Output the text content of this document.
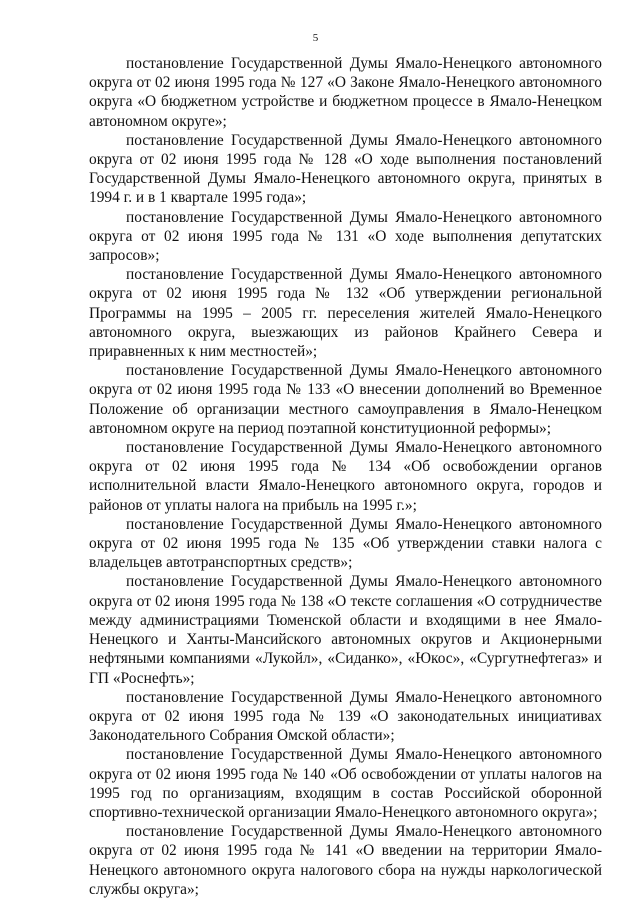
5

постановление Государственной Думы Ямало-Ненецкого автономного округа от 02 июня 1995 года № 127 «О Законе Ямало-Ненецкого автономного округа «О бюджетном устройстве и бюджетном процессе в Ямало-Ненецком автономном округе»;

постановление Государственной Думы Ямало-Ненецкого автономного округа от 02 июня 1995 года № 128 «О ходе выполнения постановлений Государственной Думы Ямало-Ненецкого автономного округа, принятых в 1994 г. и в 1 квартале 1995 года»;

постановление Государственной Думы Ямало-Ненецкого автономного округа от 02 июня 1995 года № 131 «О ходе выполнения депутатских запросов»;

постановление Государственной Думы Ямало-Ненецкого автономного округа от 02 июня 1995 года № 132 «Об утверждении региональной Программы на 1995 – 2005 гг. переселения жителей Ямало-Ненецкого автономного округа, выезжающих из районов Крайнего Севера и приравненных к ним местностей»;

постановление Государственной Думы Ямало-Ненецкого автономного округа от 02 июня 1995 года № 133 «О внесении дополнений во Временное Положение об организации местного самоуправления в Ямало-Ненецком автономном округе на период поэтапной конституционной реформы»;

постановление Государственной Думы Ямало-Ненецкого автономного округа от 02 июня 1995 года № 134 «Об освобождении органов исполнительной власти Ямало-Ненецкого автономного округа, городов и районов от уплаты налога на прибыль на 1995 г.»;

постановление Государственной Думы Ямало-Ненецкого автономного округа от 02 июня 1995 года № 135 «Об утверждении ставки налога с владельцев автотранспортных средств»;

постановление Государственной Думы Ямало-Ненецкого автономного округа от 02 июня 1995 года № 138 «О тексте соглашения «О сотрудничестве между администрациями Тюменской области и входящими в нее Ямало-Ненецкого и Ханты-Мансийского автономных округов и Акционерными нефтяными компаниями «Лукойл», «Сиданко», «Юкос», «Сургутнефтегаз» и ГП «Роснефть»;

постановление Государственной Думы Ямало-Ненецкого автономного округа от 02 июня 1995 года № 139 «О законодательных инициативах Законодательного Собрания Омской области»;

постановление Государственной Думы Ямало-Ненецкого автономного округа от 02 июня 1995 года № 140 «Об освобождении от уплаты налогов на 1995 год по организациям, входящим в состав Российской оборонной спортивно-технической организации Ямало-Ненецкого автономного округа»;

постановление Государственной Думы Ямало-Ненецкого автономного округа от 02 июня 1995 года № 141 «О введении на территории Ямало-Ненецкого автономного округа налогового сбора на нужды наркологической службы округа»;
